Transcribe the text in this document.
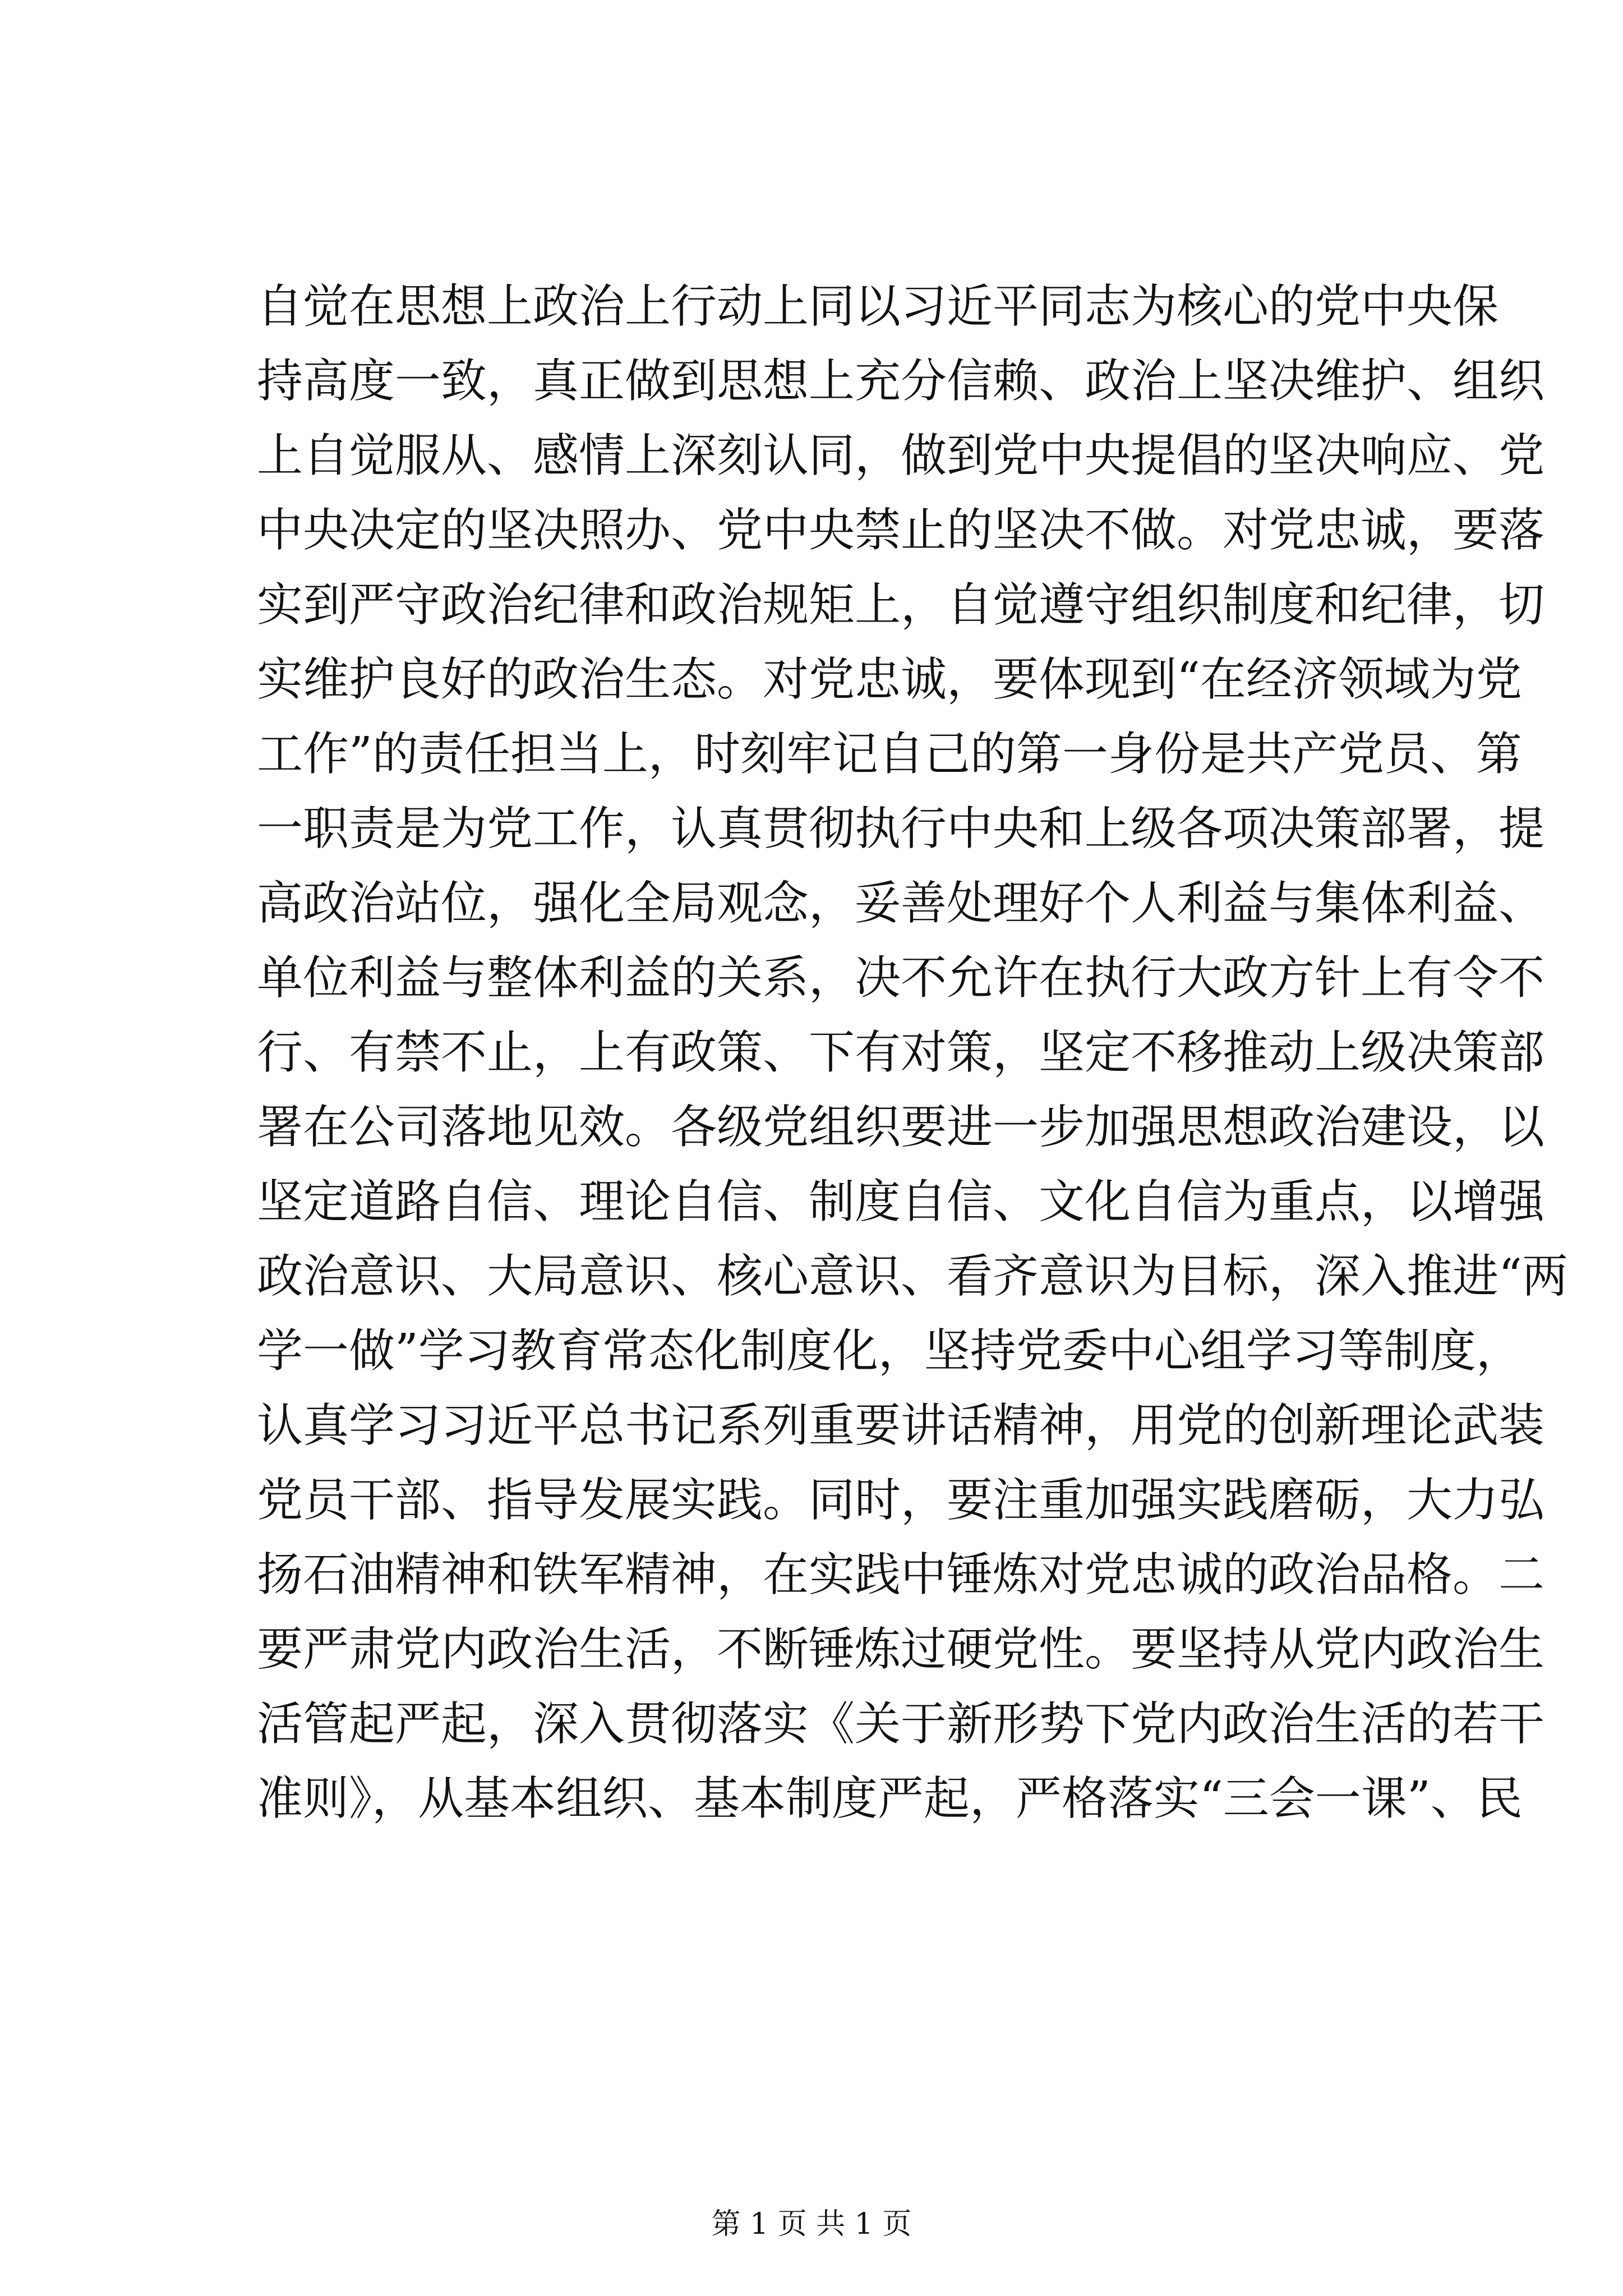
自觉在思想上政治上行动上同以习近平同志为核心的党中央保
持高度一致，真正做到思想上充分信赖、政治上坚决维护、组织
上自觉服从、感情上深刻认同，做到党中央提倡的坚决响应、党
中央决定的坚决照办、党中央禁止的坚决不做。对党忠诚，要落
实到严守政治纪律和政治规矩上，自觉遵守组织制度和纪律，切
实维护良好的政治生态。对党忠诚，要体现到“在经济领域为党
工作”的责任担当上，时刻牢记自己的第一身份是共产党员、第
一职责是为党工作，认真贯彻执行中央和上级各项决策部署，提
高政治站位，强化全局观念，妥善处理好个人利益与集体利益、
单位利益与整体利益的关系，决不允许在执行大政方针上有令不
行、有禁不止，上有政策、下有对策，坚定不移推动上级决策部
署在公司落地见效。各级党组织要进一步加强思想政治建设，以
坚定道路自信、理论自信、制度自信、文化自信为重点，以增强
政治意识、大局意识、核心意识、看齐意识为目标，深入推进“两
学一做”学习教育常态化制度化，坚持党委中心组学习等制度，
认真学习习近平总书记系列重要讲话精神，用党的创新理论武装
党员干部、指导发展实践。同时，要注重加强实践磨砺，大力弘
扬石油精神和铁军精神，在实践中锤炼对党忠诚的政治品格。二
要严肃党内政治生活，不断锤炼过硬党性。要坚持从党内政治生
活管起严起，深入贯彻落实《关于新形势下党内政治生活的若干
准则》，从基本组织、基本制度严起，严格落实“三会一课”、民
第 1 页 共 1 页
